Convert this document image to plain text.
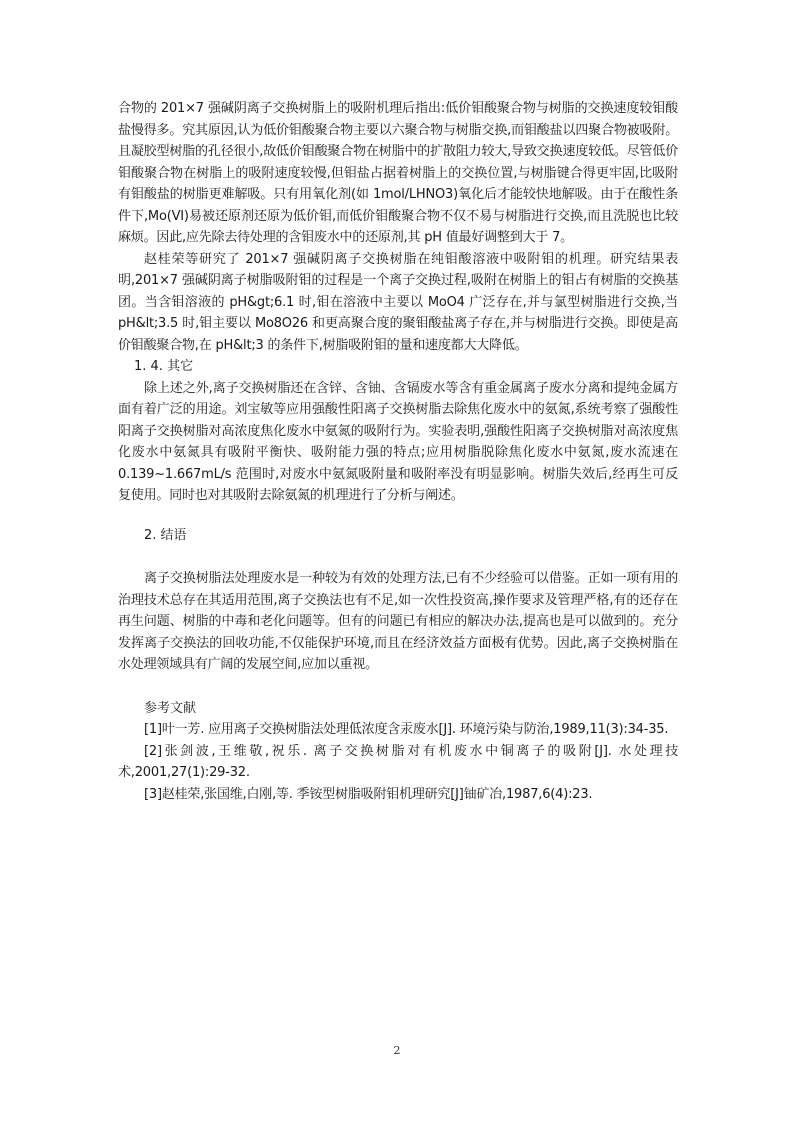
合物的 201×7 强碱阴离子交换树脂上的吸附机理后指出:低价钼酸聚合物与树脂的交换速度较钼酸盐慢得多。究其原因,认为低价钼酸聚合物主要以六聚合物与树脂交换,而钼酸盐以四聚合物被吸附。且凝胶型树脂的孔径很小,故低价钼酸聚合物在树脂中的扩散阻力较大,导致交换速度较低。尽管低价钼酸聚合物在树脂上的吸附速度较慢,但钼盐占据着树脂上的交换位置,与树脂键合得更牢固,比吸附有钼酸盐的树脂更难解吸。只有用氧化剂(如 1mol/LHNO3)氧化后才能较快地解吸。由于在酸性条件下,Mo(VI)易被还原剂还原为低价钼,而低价钼酸聚合物不仅不易与树脂进行交换,而且洗脱也比较麻烦。因此,应先除去待处理的含钼废水中的还原剂,其 pH 值最好调整到大于 7。

赵桂荣等研究了 201×7 强碱阴离子交换树脂在纯钼酸溶液中吸附钼的机理。研究结果表明,201×7 强碱阴离子树脂吸附钼的过程是一个离子交换过程,吸附在树脂上的钼占有树脂的交换基团。当含钼溶液的 pH&gt;6.1 时,钼在溶液中主要以 MoO4 广泛存在,并与氯型树脂进行交换,当 pH&lt;3.5 时,钼主要以 Mo8O26 和更高聚合度的聚钼酸盐离子存在,并与树脂进行交换。即使是高价钼酸聚合物,在 pH&lt;3 的条件下,树脂吸附钼的量和速度都大大降低。

1. 4. 其它

除上述之外,离子交换树脂还在含锌、含铀、含镉废水等含有重金属离子废水分离和提纯金属方面有着广泛的用途。刘宝敏等应用强酸性阳离子交换树脂去除焦化废水中的氨氮,系统考察了强酸性阳离子交换树脂对高浓度焦化废水中氨氮的吸附行为。实验表明,强酸性阳离子交换树脂对高浓度焦化废水中氨氮具有吸附平衡快、吸附能力强的特点;应用树脂脱除焦化废水中氨氮,废水流速在 0.139~1.667mL/s 范围时,对废水中氨氮吸附量和吸附率没有明显影响。树脂失效后,经再生可反复使用。同时也对其吸附去除氨氮的机理进行了分析与阐述。

2. 结语

离子交换树脂法处理废水是一种较为有效的处理方法,已有不少经验可以借鉴。正如一项有用的治理技术总存在其适用范围,离子交换法也有不足,如一次性投资高,操作要求及管理严格,有的还存在再生问题、树脂的中毒和老化问题等。但有的问题已有相应的解决办法,提高也是可以做到的。充分发挥离子交换法的回收功能,不仅能保护环境,而且在经济效益方面极有优势。因此,离子交换树脂在水处理领域具有广阔的发展空间,应加以重视。

参考文献

[1]叶一芳. 应用离子交换树脂法处理低浓度含汞废水[J]. 环境污染与防治,1989,11(3):34-35.

[2]张剑波,王维敬,祝乐. 离子交换树脂对有机废水中铜离子的吸附[J]. 水处理技术,2001,27(1):29-32.

[3]赵桂荣,张国维,白刚,等. 季铵型树脂吸附钼机理研究[J]铀矿冶,1987,6(4):23.

2
